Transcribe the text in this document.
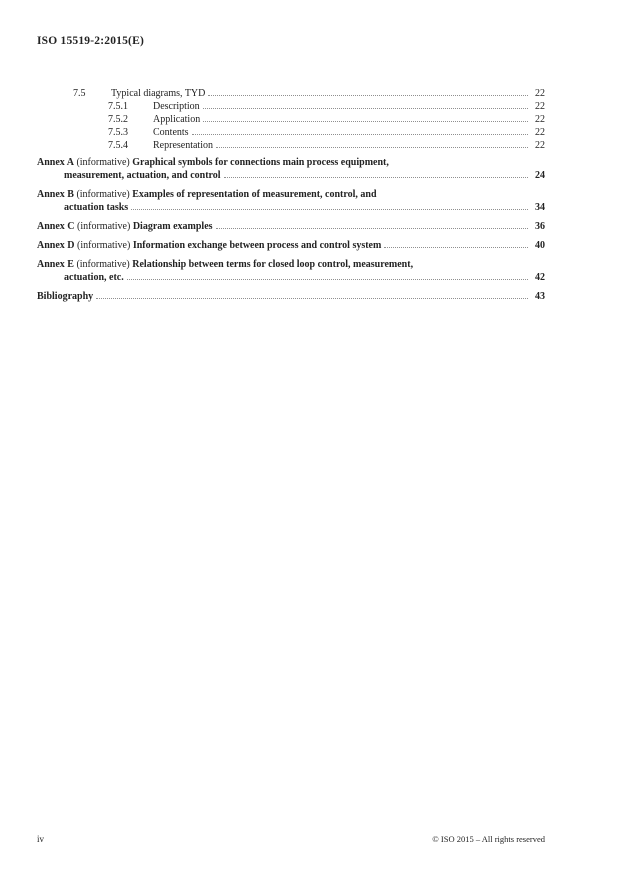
ISO 15519-2:2015(E)
7.5	Typical diagrams, TYD	22
7.5.1	Description	22
7.5.2	Application	22
7.5.3	Contents	22
7.5.4	Representation	22
Annex A (informative) Graphical symbols for connections main process equipment,
measurement, actuation, and control	24
Annex B (informative) Examples of representation of measurement, control, and
actuation tasks	34
Annex C (informative) Diagram examples	36
Annex D (informative) Information exchange between process and control system	40
Annex E (informative) Relationship between terms for closed loop control, measurement,
actuation, etc.	42
Bibliography	43
iv	© ISO 2015 – All rights reserved
